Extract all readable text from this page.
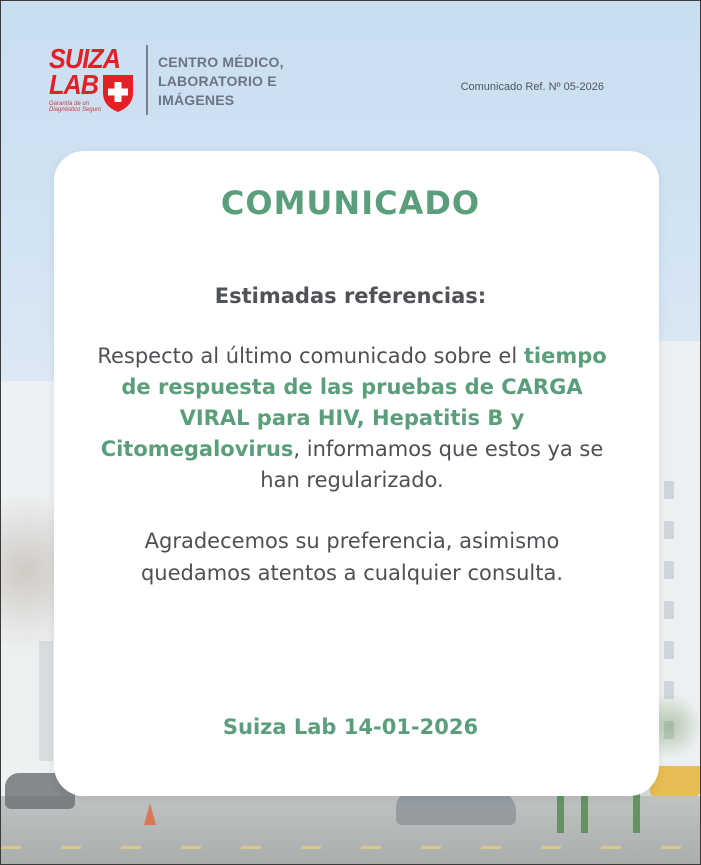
SUIZA
LAB
Garantía de un Diagnóstico Seguro
CENTRO MÉDICO, LABORATORIO E IMÁGENES
Comunicado Ref. Nº 05-2026
COMUNICADO
Estimadas referencias:
Respecto al último comunicado sobre el tiempo de respuesta de las pruebas de CARGA VIRAL para HIV, Hepatitis B y Citomegalovirus, informamos que estos ya se han regularizado.
Agradecemos su preferencia, asimismo quedamos atentos a cualquier consulta.
Suiza Lab 14-01-2026
